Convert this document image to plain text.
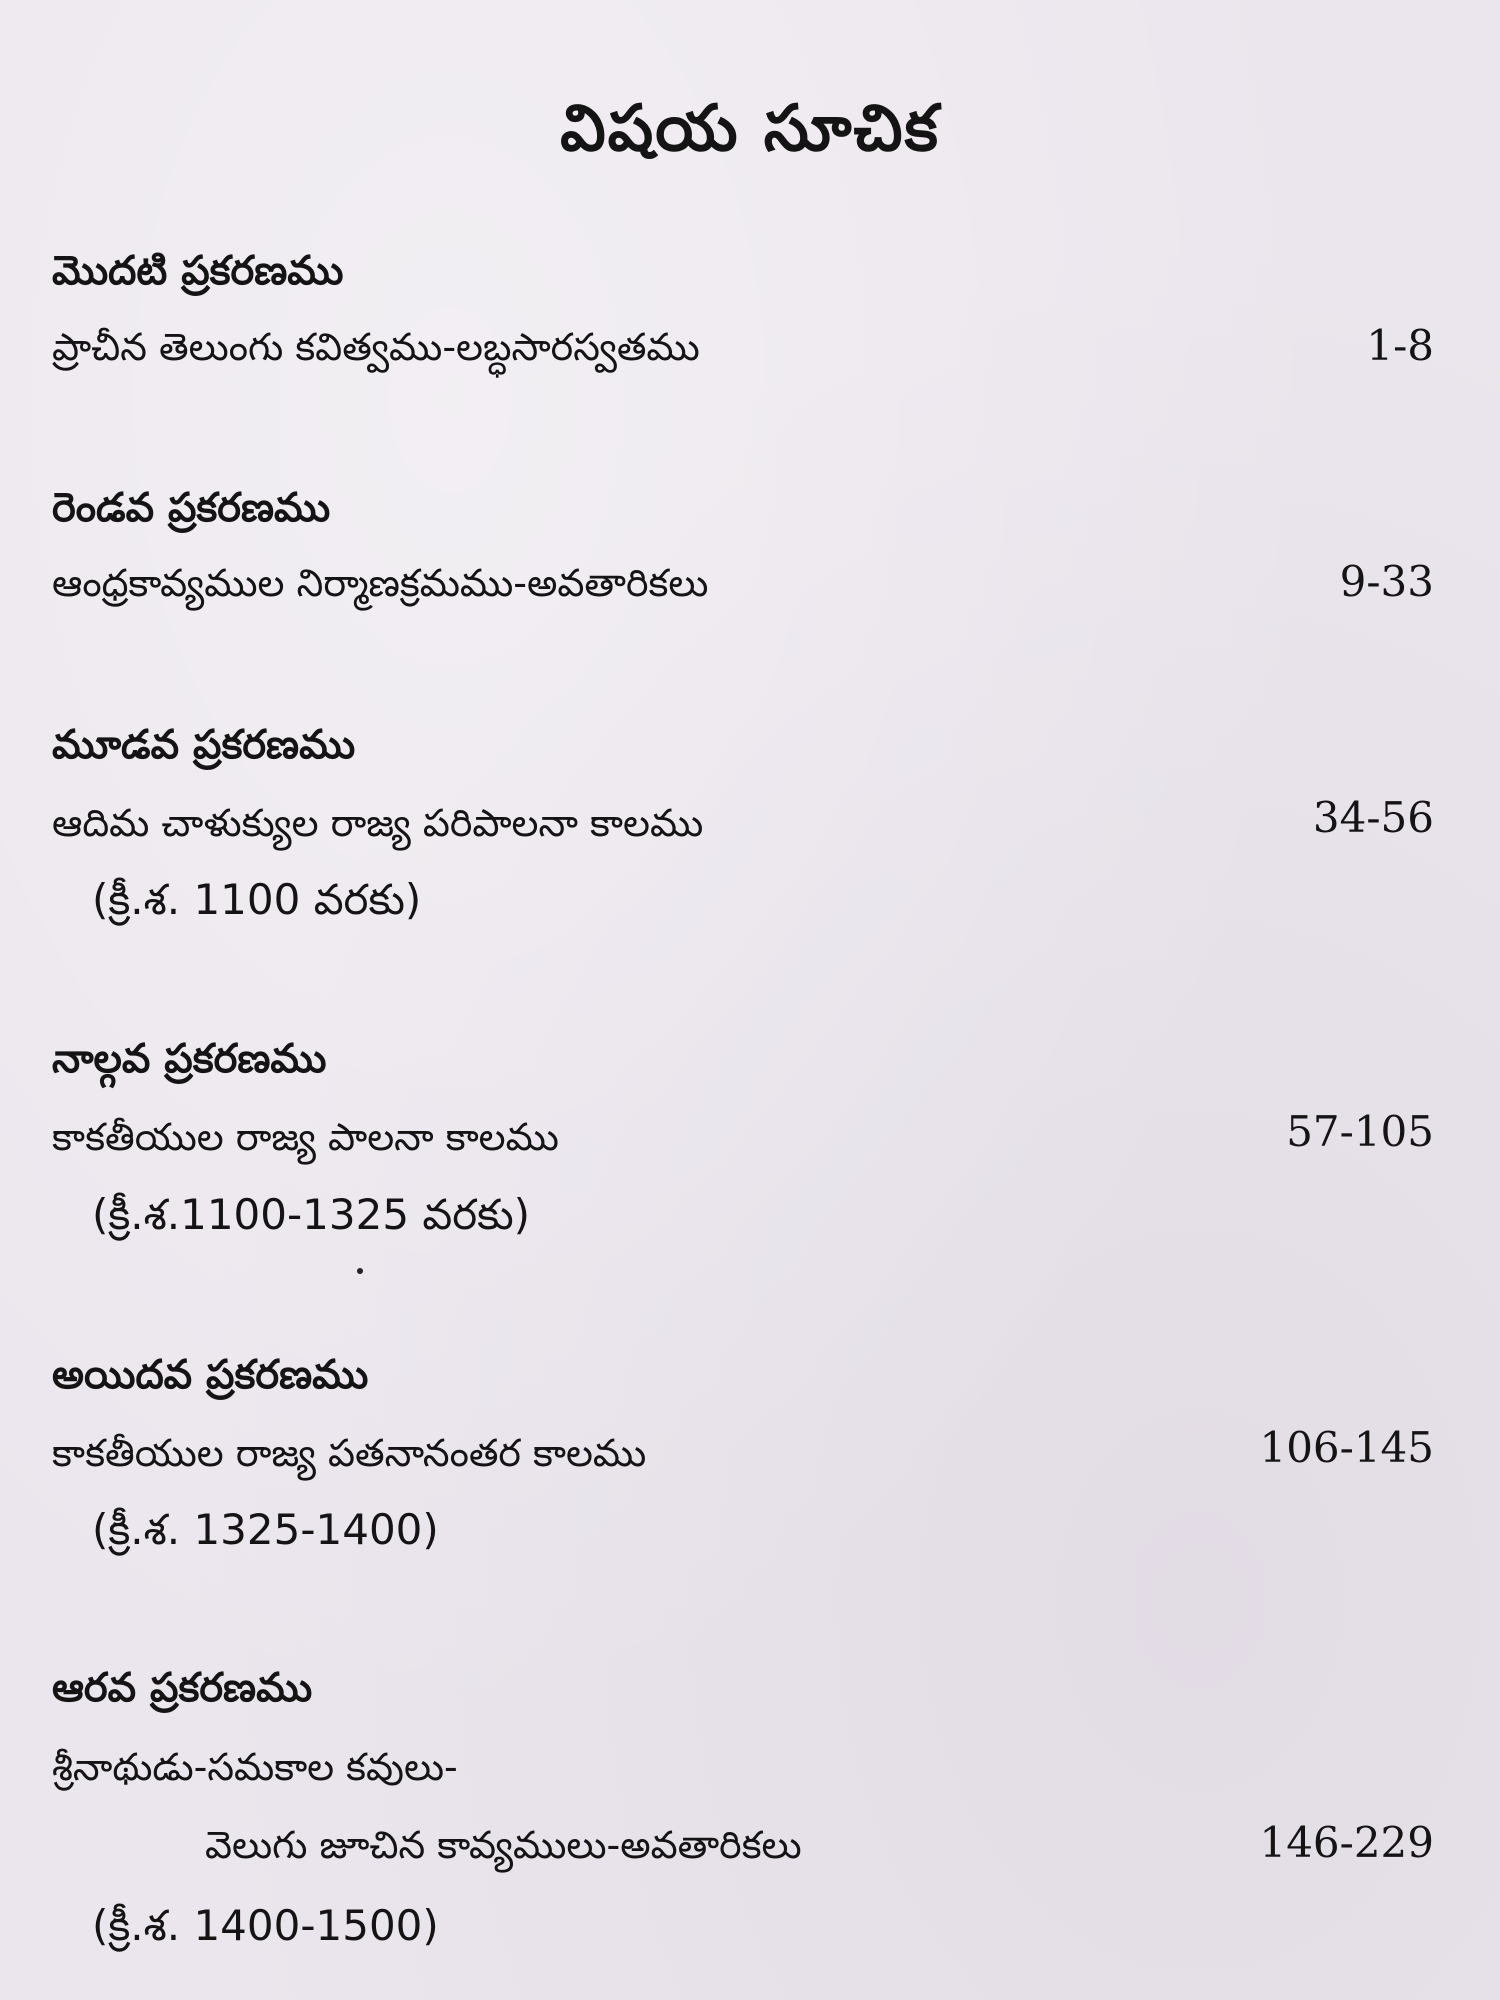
విషయ సూచిక
మొదటి ప్రకరణము
ప్రాచీన తెలుంగు కవిత్వము-లబ్ధసారస్వతము	1-8
రెండవ ప్రకరణము
ఆంధ్రకావ్యముల నిర్మాణక్రమము-అవతారికలు	9-33
మూడవ ప్రకరణము
ఆదిమ చాళుక్యుల రాజ్య పరిపాలనా కాలము	34-56
(క్రీ.శ. 1100 వరకు)
నాల్గవ ప్రకరణము
కాకతీయుల రాజ్య పాలనా కాలము	57-105
(క్రీ.శ.1100-1325 వరకు)
అయిదవ ప్రకరణము
కాకతీయుల రాజ్య పతనానంతర కాలము	106-145
(క్రీ.శ. 1325-1400)
ఆరవ ప్రకరణము
శ్రీనాథుడు-సమకాల కవులు-
వెలుగు జూచిన కావ్యములు-అవతారికలు	146-229
(క్రీ.శ. 1400-1500)
